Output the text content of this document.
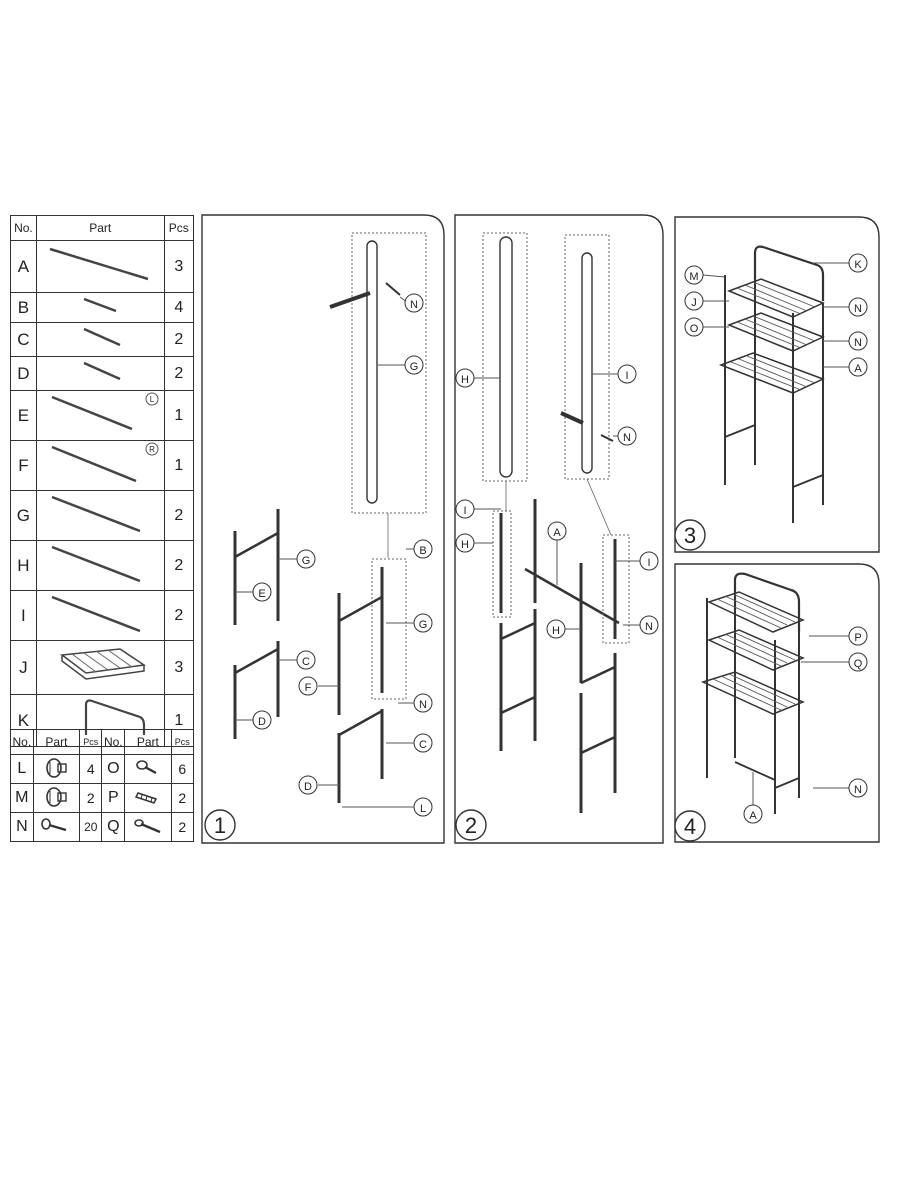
No.	Part	Pcs
A		3
B		4
C		2
D		2
E	L	1
F	R	1
G		2
H		2
I		2
J		3
K		1
No.	Part	Pcs	No.	Part	Pcs
L		4	O		6
M		2	P		2
N		20	Q		2
N
G
G
E
C
D
B
G
F
N
C
D
L
1
H	I
N
I
H
A
H
I
N
2
K
M
J	N
O
N
A
3
P
Q
A
N
4
